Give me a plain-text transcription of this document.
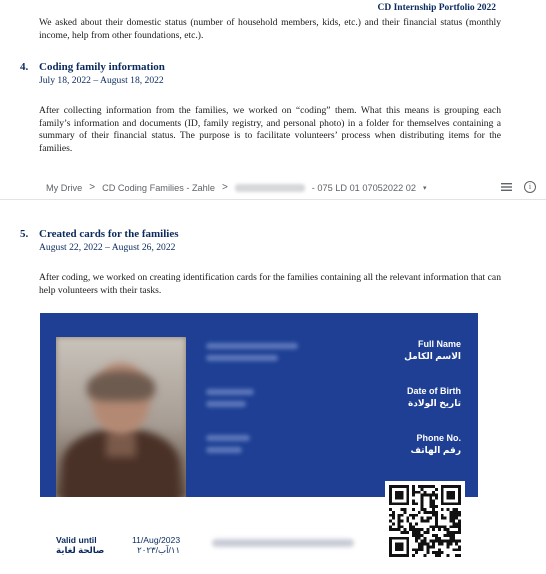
CD Internship Portfolio 2022

We asked about their domestic status (number of household members, kids, etc.) and their financial status (monthly income, help from other foundations, etc.).

4. Coding family information
July 18, 2022 – August 18, 2022

After collecting information from the families, we worked on “coding” them. What this means is grouping each family’s information and documents (ID, family registry, and personal photo) in a folder for themselves containing a summary of their financial status. The purpose is to facilitate volunteers’ process when distributing items for the families.

My Drive > CD Coding Families - Zahle >	- 075 LD 01 07052022 02 ▾	i
5. Created cards for the families
August 22, 2022 – August 26, 2022

After coding, we worked on creating identification cards for the families containing all the relevant information that can help volunteers with their tasks.

Full Name
الاسم الكامل
Date of Birth
تاريخ الولادة
Phone No.
رقم الهاتف
Valid until
صالحة لغاية
11/Aug/2023
١١/آب/٢٠٢٣
